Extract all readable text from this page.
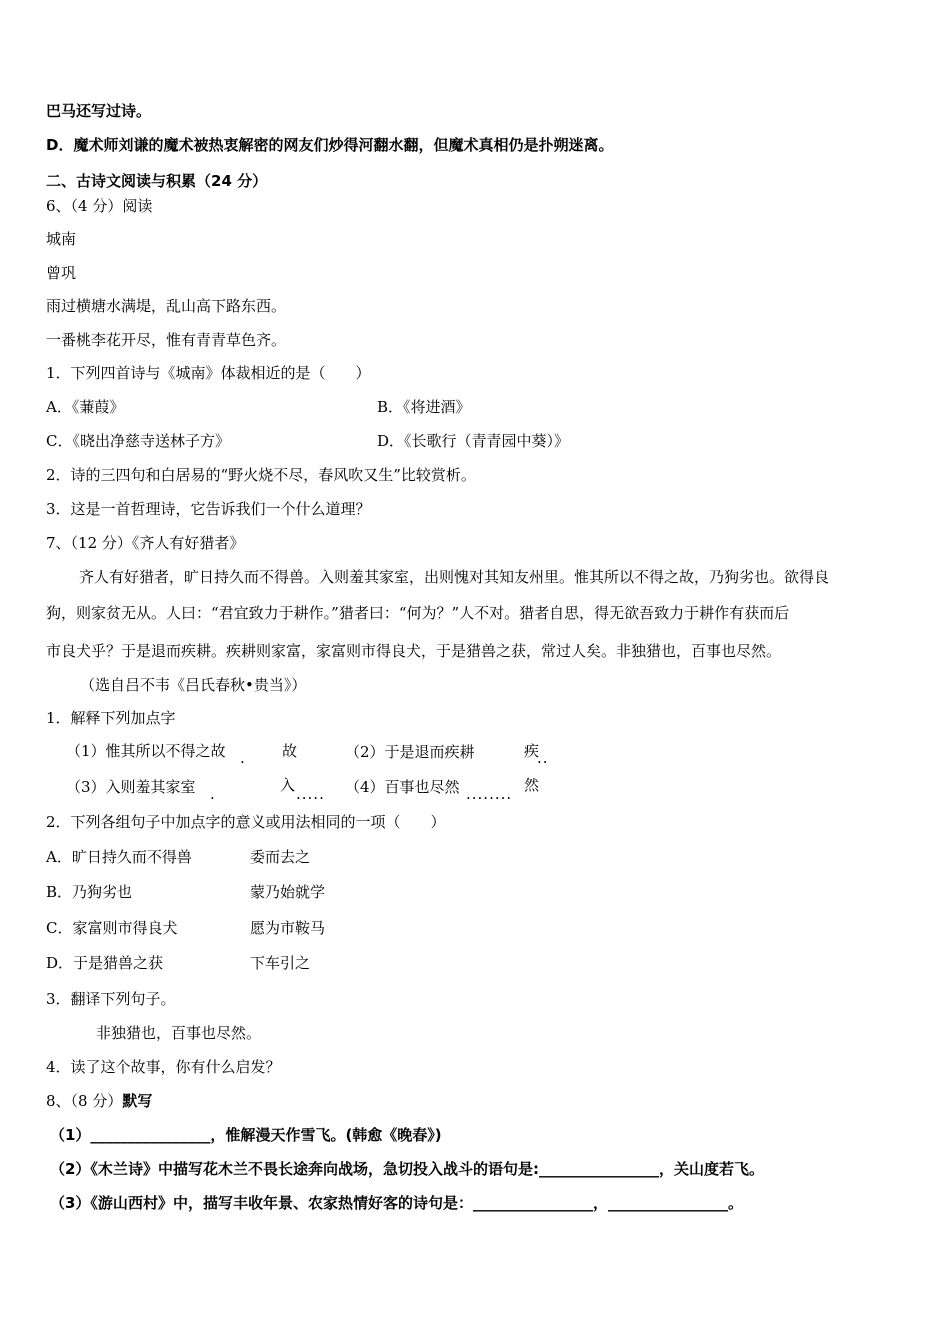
巴马还写过诗。
D．魔术师刘谦的魔术被热衷解密的网友们炒得河翻水翻，但魔术真相仍是扑朔迷离。
二、古诗文阅读与积累（24 分）
6、（4 分）阅读
城南
曾巩
雨过横塘水满堤，乱山高下路东西。
一番桃李花开尽，惟有青青草色齐。
1．下列四首诗与《城南》体裁相近的是（　　）
A．《蒹葭》	B．《将进酒》
C．《晓出净慈寺送林子方》	D．《长歌行（青青园中葵）》
2．诗的三四句和白居易的“野火烧不尽，春风吹又生”比较赏析。
3．这是一首哲理诗，它告诉我们一个什么道理？
7、（12 分）《齐人有好猎者》
齐人有好猎者，旷日持久而不得兽。入则羞其家室，出则愧对其知友州里。惟其所以不得之故，乃狗劣也。欲得良
狗，则家贫无从。人曰：“君宜致力于耕作。”猎者曰：“何为？”人不对。猎者自思，得无欲吾致力于耕作有获而后
市良犬乎？于是退而疾耕。疾耕则家富，家富则市得良犬，于是猎兽之获，常过人矣。非独猎也，百事也尽然。
（选自吕不韦《吕氏春秋•贵当》）
1．解释下列加点字
（1）惟其所以不得之故 . 故	（2）于是退而疾耕	疾
..
（3）入则羞其家室 .	入 ..... （4）百事也尽然 ........ 然
2．下列各组句子中加点字的意义或用法相同的一项（　　）
A．旷日持久而不得兽	委而去之
B．乃狗劣也	蒙乃始就学
C．家富则市得良犬	愿为市鞍马
D．于是猎兽之获	下车引之
3．翻译下列句子。
非独猎也，百事也尽然。
4．读了这个故事，你有什么启发？
8、（8 分）默写
（1）________________，惟解漫天作雪飞。(韩愈《晚春》)
（2）《木兰诗》中描写花木兰不畏长途奔向战场，急切投入战斗的语句是:________________，关山度若飞。
（3）《游山西村》中，描写丰收年景、农家热情好客的诗句是：________________，________________。
